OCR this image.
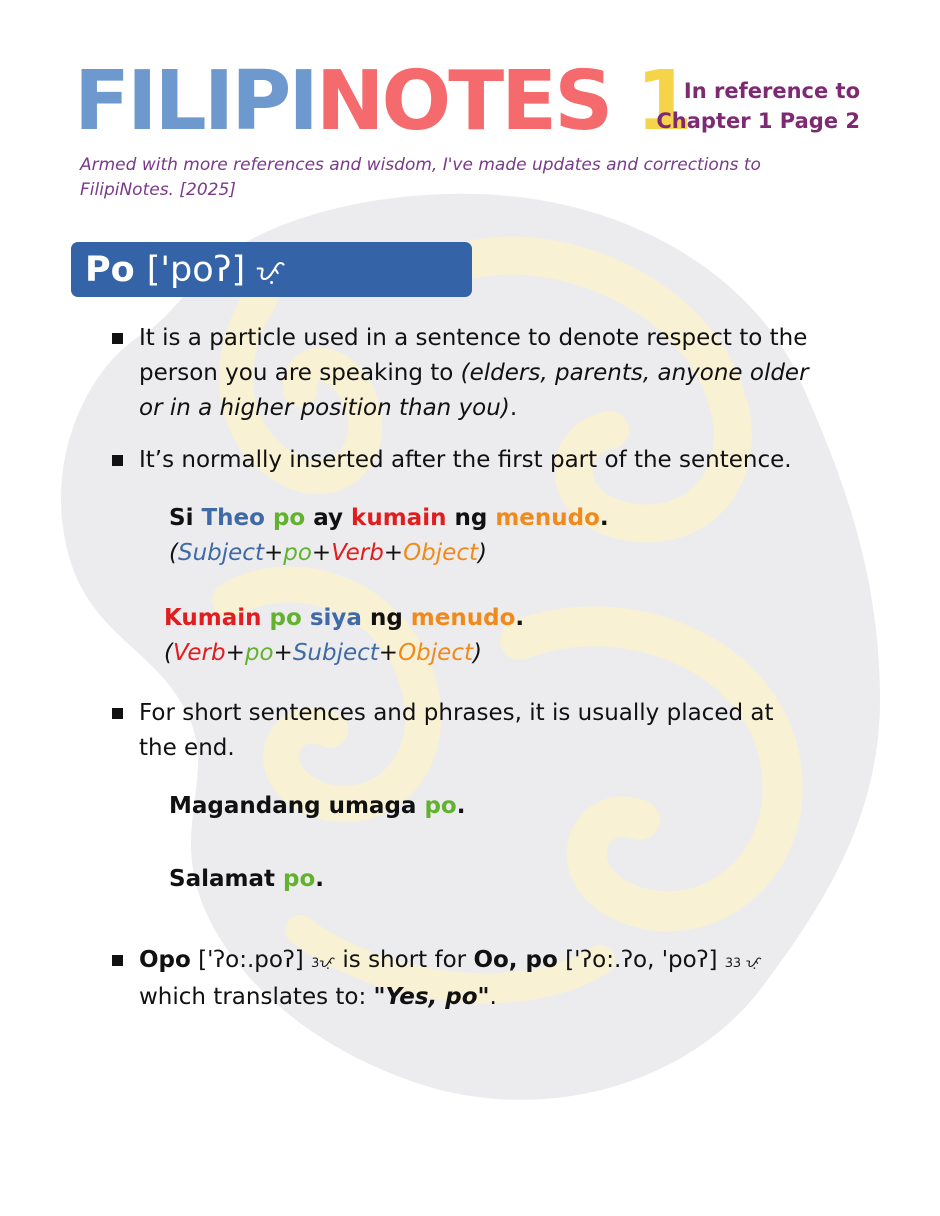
FILIPINOTES 1
In reference to
Chapter 1 Page 2
Armed with more references and wisdom, I've made updates and corrections to FilipiNotes. [2025]
Po ['poʔ] ᜉᜓ
It is a particle used in a sentence to denote respect to the person you are speaking to (elders, parents, anyone older or in a higher position than you).
It’s normally inserted after the first part of the sentence.
Si Theo po ay kumain ng menudo.
(Subject+po+Verb+Object)
Kumain po siya ng menudo.
(Verb+po+Subject+Object)
For short sentences and phrases, it is usually placed at the end.
Magandang umaga po.
Salamat po.
Opo ['ʔo:.poʔ] ᜂᜉᜓ is short for Oo, po ['ʔo:.ʔo, 'poʔ] ᜂᜂ ᜉᜓ
which translates to: "Yes, po".
